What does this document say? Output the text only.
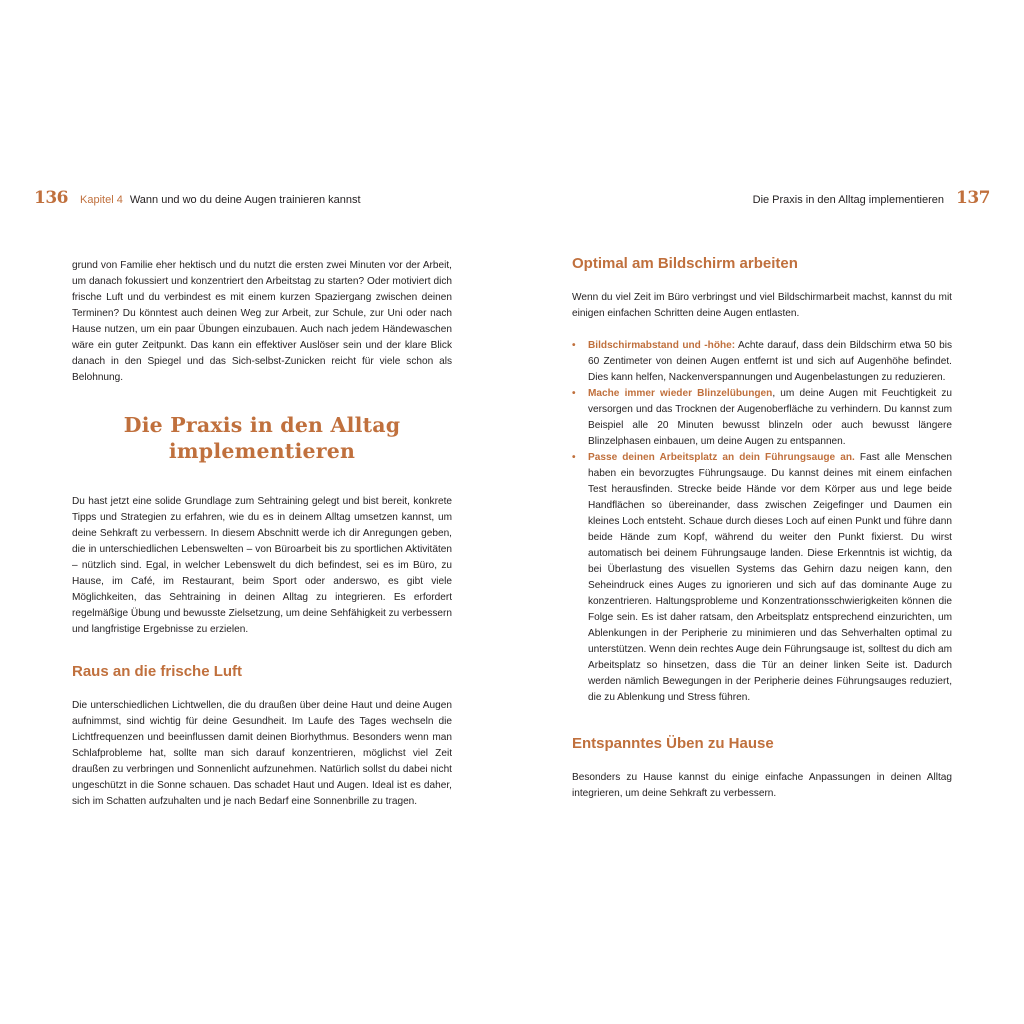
136 Kapitel 4 Wann und wo du deine Augen trainieren kannst	Die Praxis in den Alltag implementieren 137

grund von Familie eher hektisch und du nutzt die ersten zwei Minuten vor der Arbeit, um danach fokussiert und konzentriert den Arbeitstag zu starten? Oder motiviert dich frische Luft und du verbindest es mit einem kurzen Spaziergang zwischen deinen Terminen? Du könntest auch deinen Weg zur Arbeit, zur Schule, zur Uni oder nach Hause nutzen, um ein paar Übungen einzubauen. Auch nach jedem Händewaschen wäre ein guter Zeitpunkt. Das kann ein effektiver Auslöser sein und der klare Blick danach in den Spiegel und das Sich-selbst-Zunicken reicht für viele schon als Belohnung.

Die Praxis in den Alltag
implementieren

Du hast jetzt eine solide Grundlage zum Sehtraining gelegt und bist bereit, konkrete Tipps und Strategien zu erfahren, wie du es in deinem Alltag umsetzen kannst, um deine Sehkraft zu verbessern. In diesem Abschnitt werde ich dir Anregungen geben, die in unterschiedlichen Lebenswelten – von Büroarbeit bis zu sportlichen Aktivitäten – nützlich sind. Egal, in welcher Lebenswelt du dich befindest, sei es im Büro, zu Hause, im Café, im Restaurant, beim Sport oder anderswo, es gibt viele Möglichkeiten, das Sehtraining in deinen Alltag zu integrieren. Es erfordert regelmäßige Übung und bewusste Zielsetzung, um deine Sehfähigkeit zu verbessern und langfristige Ergebnisse zu erzielen.

Raus an die frische Luft

Die unterschiedlichen Lichtwellen, die du draußen über deine Haut und deine Augen aufnimmst, sind wichtig für deine Gesundheit. Im Laufe des Tages wechseln die Lichtfrequenzen und beeinflussen damit deinen Biorhythmus. Besonders wenn man Schlafprobleme hat, sollte man sich darauf konzentrieren, möglichst viel Zeit draußen zu verbringen und Sonnenlicht aufzunehmen. Natürlich sollst du dabei nicht ungeschützt in die Sonne schauen. Das schadet Haut und Augen. Ideal ist es daher, sich im Schatten aufzuhalten und je nach Bedarf eine Sonnenbrille zu tragen.

Optimal am Bildschirm arbeiten

Wenn du viel Zeit im Büro verbringst und viel Bildschirmarbeit machst, kannst du mit einigen einfachen Schritten deine Augen entlasten.

• Bildschirmabstand und -höhe: Achte darauf, dass dein Bildschirm etwa 50 bis 60 Zentimeter von deinen Augen entfernt ist und sich auf Augenhöhe befindet. Dies kann helfen, Nackenverspannungen und Augenbelastungen zu reduzieren.
• Mache immer wieder Blinzelübungen, um deine Augen mit Feuchtigkeit zu versorgen und das Trocknen der Augenoberfläche zu verhindern. Du kannst zum Beispiel alle 20 Minuten bewusst blinzeln oder auch bewusst längere Blinzelphasen einbauen, um deine Augen zu entspannen.
• Passe deinen Arbeitsplatz an dein Führungsauge an. Fast alle Menschen haben ein bevorzugtes Führungsauge. Du kannst deines mit einem einfachen Test herausfinden. Strecke beide Hände vor dem Körper aus und lege beide Handflächen so übereinander, dass zwischen Zeigefinger und Daumen ein kleines Loch entsteht. Schaue durch dieses Loch auf einen Punkt und führe dann beide Hände zum Kopf, während du weiter den Punkt fixierst. Du wirst automatisch bei deinem Führungsauge landen. Diese Erkenntnis ist wichtig, da bei Überlastung des visuellen Systems das Gehirn dazu neigen kann, den Seheindruck eines Auges zu ignorieren und sich auf das dominante Auge zu konzentrieren. Haltungsprobleme und Konzentrationsschwierigkeiten können die Folge sein. Es ist daher ratsam, den Arbeitsplatz entsprechend einzurichten, um Ablenkungen in der Peripherie zu minimieren und das Sehverhalten optimal zu unterstützen. Wenn dein rechtes Auge dein Führungsauge ist, solltest du dich am Arbeitsplatz so hinsetzen, dass die Tür an deiner linken Seite ist. Dadurch werden nämlich Bewegungen in der Peripherie deines Führungsauges reduziert, die zu Ablenkung und Stress führen.
Entspanntes Üben zu Hause

Besonders zu Hause kannst du einige einfache Anpassungen in deinen Alltag integrieren, um deine Sehkraft zu verbessern.
